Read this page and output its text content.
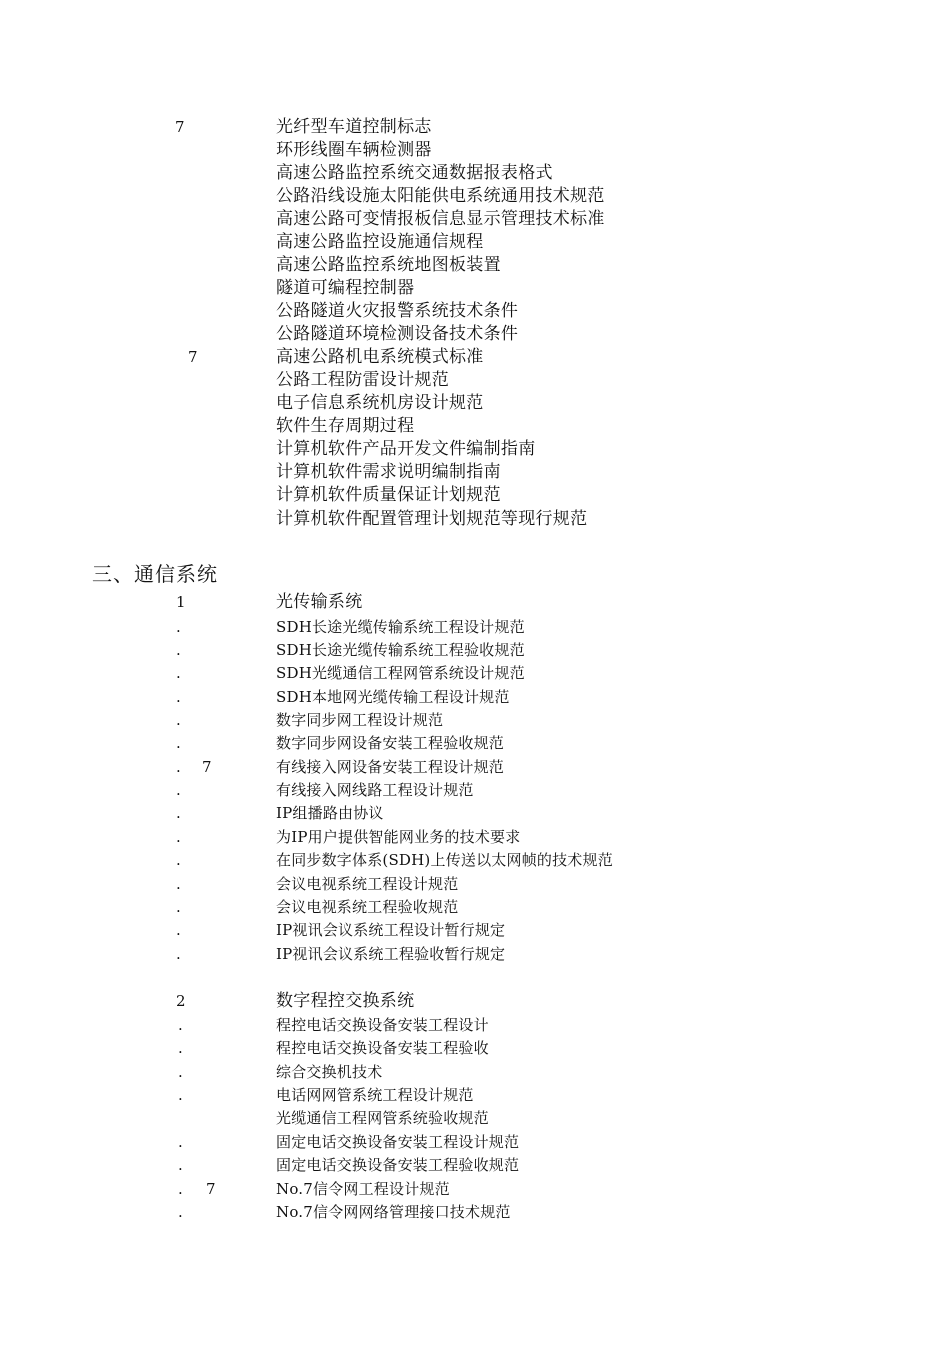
7	光纤型车道控制标志
环形线圈车辆检测器
高速公路监控系统交通数据报表格式
公路沿线设施太阳能供电系统通用技术规范
高速公路可变情报板信息显示管理技术标准
高速公路监控设施通信规程
高速公路监控系统地图板装置
隧道可编程控制器
公路隧道火灾报警系统技术条件
公路隧道环境检测设备技术条件
7	高速公路机电系统模式标准
公路工程防雷设计规范
电子信息系统机房设计规范
软件生存周期过程
计算机软件产品开发文件编制指南
计算机软件需求说明编制指南
计算机软件质量保证计划规范
计算机软件配置管理计划规范等现行规范
三、通信系统
1	光传输系统
.	SDH长途光缆传输系统工程设计规范
.	SDH长途光缆传输系统工程验收规范
.	SDH光缆通信工程网管系统设计规范
.	SDH本地网光缆传输工程设计规范
.	数字同步网工程设计规范
.	数字同步网设备安装工程验收规范
. 7	有线接入网设备安装工程设计规范
.	有线接入网线路工程设计规范
.	IP组播路由协议
.	为IP用户提供智能网业务的技术要求
.	在同步数字体系(SDH)上传送以太网帧的技术规范
.	会议电视系统工程设计规范
.	会议电视系统工程验收规范
.	IP视讯会议系统工程设计暂行规定
.	IP视讯会议系统工程验收暂行规定
2	数字程控交换系统
.	程控电话交换设备安装工程设计
.	程控电话交换设备安装工程验收
.	综合交换机技术
.	电话网网管系统工程设计规范
光缆通信工程网管系统验收规范
.	固定电话交换设备安装工程设计规范
.	固定电话交换设备安装工程验收规范
. 7	No.7信令网工程设计规范
.	No.7信令网网络管理接口技术规范
